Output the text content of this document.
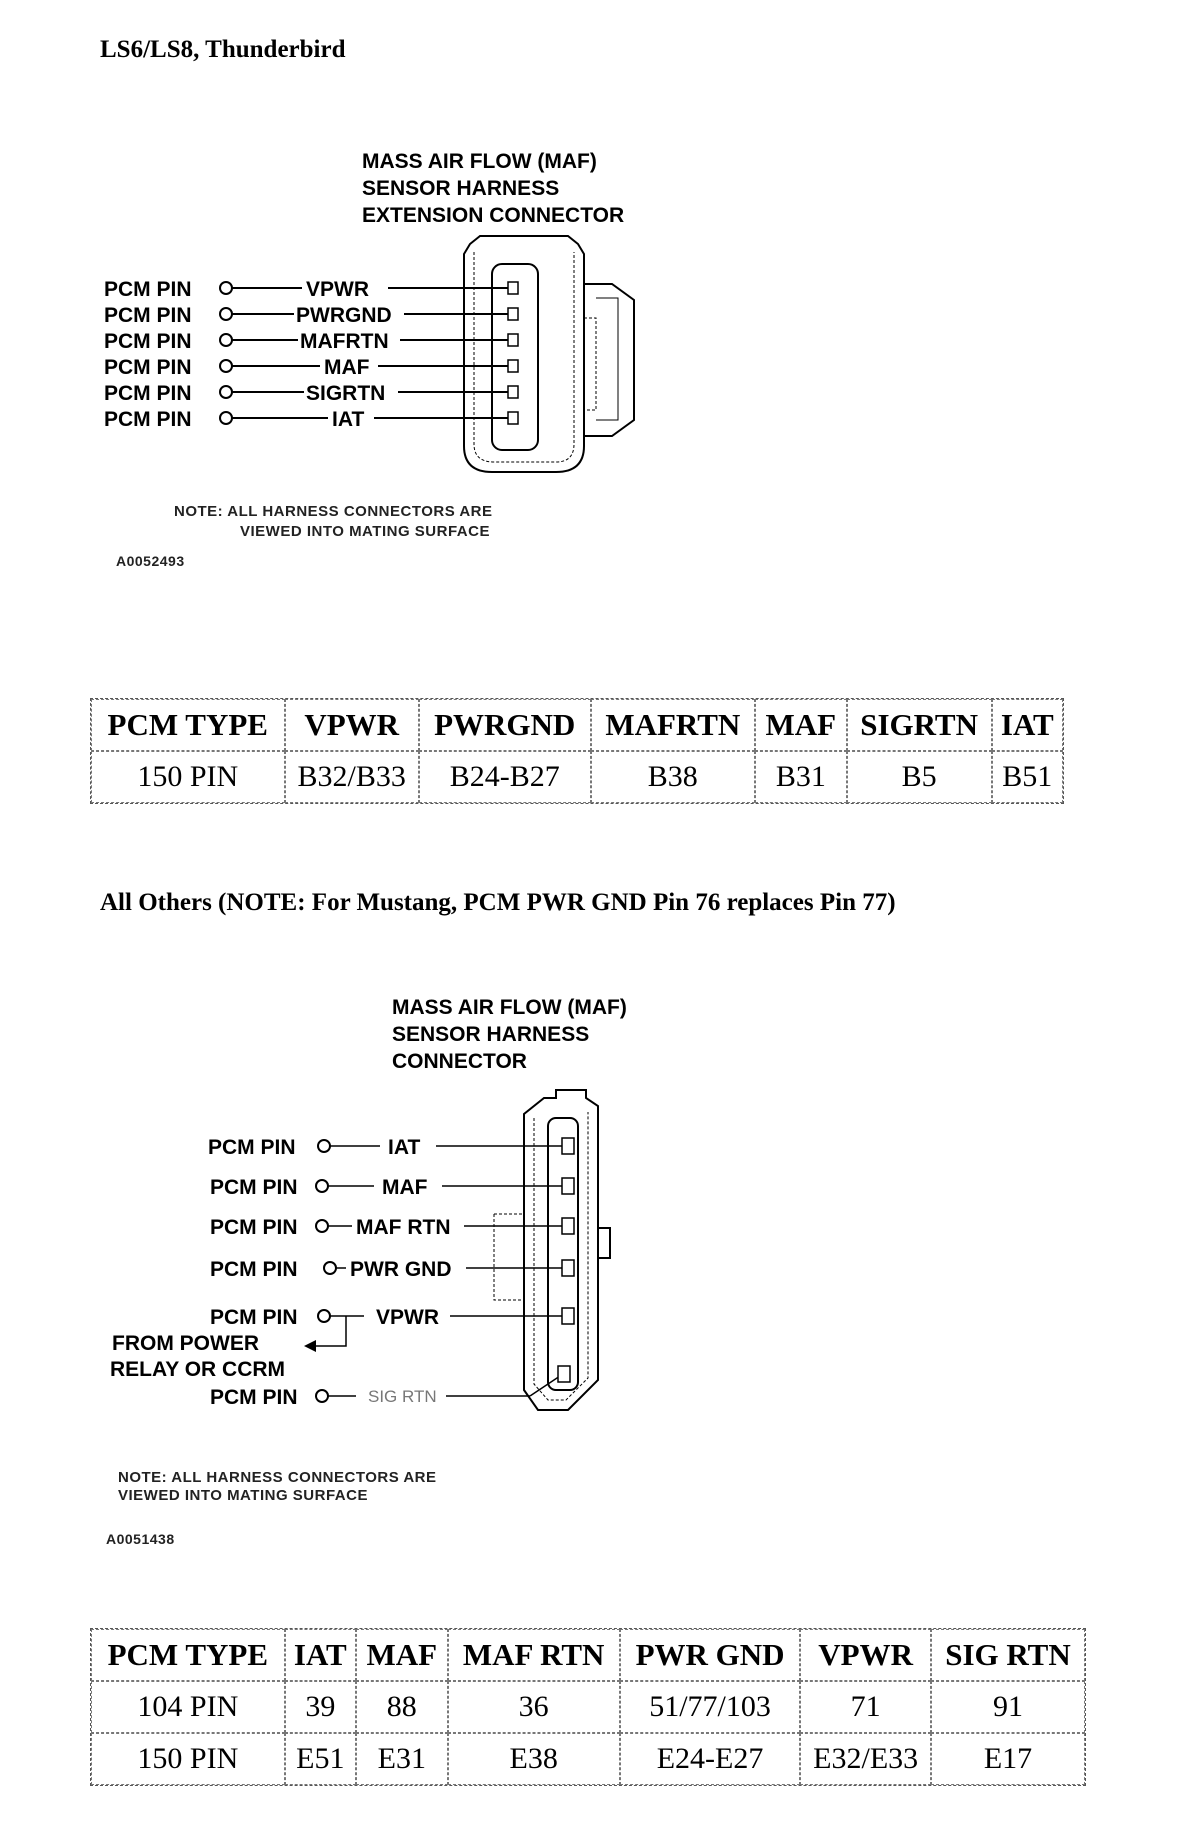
LS6/LS8, Thunderbird
MASS AIR FLOW (MAF)
SENSOR HARNESS
EXTENSION CONNECTOR
PCM PIN	VPWR
PCM PIN	PWRGND
PCM PIN	MAFRTN
PCM PIN	MAF
PCM PIN	SIGRTN
PCM PIN	IAT
NOTE: ALL HARNESS CONNECTORS ARE
VIEWED INTO MATING SURFACE
A0052493
MASS AIR FLOW (MAF)
SENSOR HARNESS
CONNECTOR
PCM PIN	IAT
PCM PIN	MAF
PCM PIN	MAF RTN
PCM PIN PWR GND
PCM PIN	VPWR
FROM POWER
RELAY OR CCRM
PCM PIN	SIG RTN
NOTE: ALL HARNESS CONNECTORS ARE
VIEWED INTO MATING SURFACE
A0051438
PCM TYPE	VPWR	PWRGND	MAFRTN	MAF	SIGRTN	IAT
150 PIN	B32/B33	B24-B27	B38	B31	B5	B51
All Others (NOTE: For Mustang, PCM PWR GND Pin 76 replaces Pin 77)
PCM TYPE	IAT	MAF	MAF RTN	PWR GND	VPWR	SIG RTN
104 PIN	39	88	36	51/77/103	71	91
150 PIN	E51	E31	E38	E24-E27	E32/E33	E17
